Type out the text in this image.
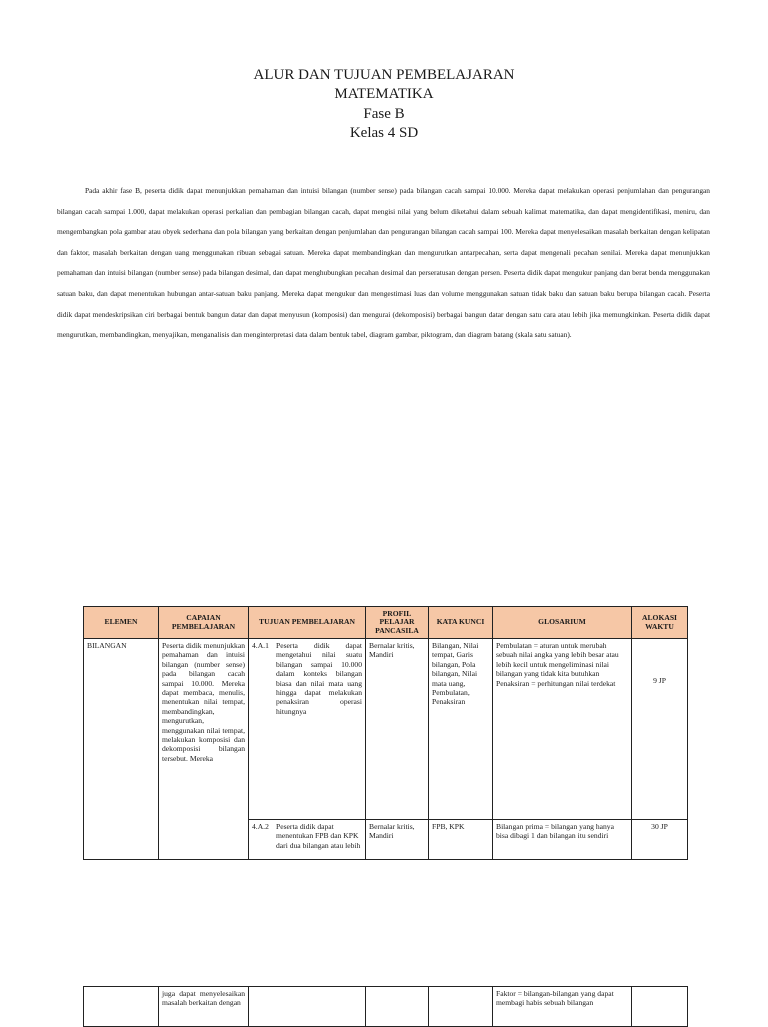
ALUR DAN TUJUAN PEMBELAJARAN
MATEMATIKA
Fase B
Kelas 4 SD

Pada akhir fase B, peserta didik dapat menunjukkan pemahaman dan intuisi bilangan (number sense) pada bilangan cacah sampai 10.000. Mereka dapat melakukan operasi penjumlahan dan pengurangan bilangan cacah sampai 1.000, dapat melakukan operasi perkalian dan pembagian bilangan cacah, dapat mengisi nilai yang belum diketahui dalam sebuah kalimat matematika, dan dapat mengidentifikasi, meniru, dan mengembangkan pola gambar atau obyek sederhana dan pola bilangan yang berkaitan dengan penjumlahan dan pengurangan bilangan cacah sampai 100. Mereka dapat menyelesaikan masalah berkaitan dengan kelipatan dan faktor, masalah berkaitan dengan uang menggunakan ribuan sebagai satuan. Mereka dapat membandingkan dan mengurutkan antarpecahan, serta dapat mengenali pecahan senilai. Mereka dapat menunjukkan pemahaman dan intuisi bilangan (number sense) pada bilangan desimal, dan dapat menghubungkan pecahan desimal dan perseratusan dengan persen. Peserta didik dapat mengukur panjang dan berat benda menggunakan satuan baku, dan dapat menentukan hubungan antar-satuan baku panjang. Mereka dapat mengukur dan mengestimasi luas dan volume menggunakan satuan tidak baku dan satuan baku berupa bilangan cacah. Peserta didik dapat mendeskripsikan ciri berbagai bentuk bangun datar dan dapat menyusun (komposisi) dan mengurai (dekomposisi) berbagai bangun datar dengan satu cara atau lebih jika memungkinkan. Peserta didik dapat mengurutkan, membandingkan, menyajikan, menganalisis dan menginterpretasi data dalam bentuk tabel, diagram gambar, piktogram, dan diagram batang (skala satu satuan).

ELEMEN	CAPAIAN PEMBELAJARAN	TUJUAN PEMBELAJARAN	PROFIL PELAJAR PANCASILA	KATA KUNCI	GLOSARIUM	ALOKASI WAKTU
BILANGAN	Peserta didik menunjukkan pemahaman dan intuisi bilangan (number sense) pada bilangan cacah sampai 10.000. Mereka dapat membaca, menulis, menentukan nilai tempat, membandingkan, mengurutkan, menggunakan nilai tempat, melakukan komposisi dan dekomposisi bilangan tersebut. Mereka	4.A.1 Peserta didik dapat mengetahui nilai suatu bilangan sampai 10.000 dalam konteks bilangan biasa dan nilai mata uang hingga dapat melakukan penaksiran operasi hitungnya	Bernalar kritis, Mandiri	Bilangan, Nilai tempat, Garis bilangan, Pola bilangan, Nilai mata uang, Pembulatan, Penaksiran	Pembulatan = aturan untuk merubah sebuah nilai angka yang lebih besar atau lebih kecil untuk mengeliminasi nilai bilangan yang tidak kita butuhkan Penaksiran = perhitungan nilai terdekat	9 JP

		4.A.2 Peserta didik dapat menentukan FPB dan KPK dari dua bilangan atau lebih	Bernalar kritis, Mandiri	FPB, KPK	Bilangan prima = bilangan yang hanya bisa dibagi 1 dan bilangan itu sendiri	30 JP
	juga dapat menyelesaikan masalah berkaitan dengan				Faktor = bilangan-bilangan yang dapat membagi habis sebuah bilangan	
